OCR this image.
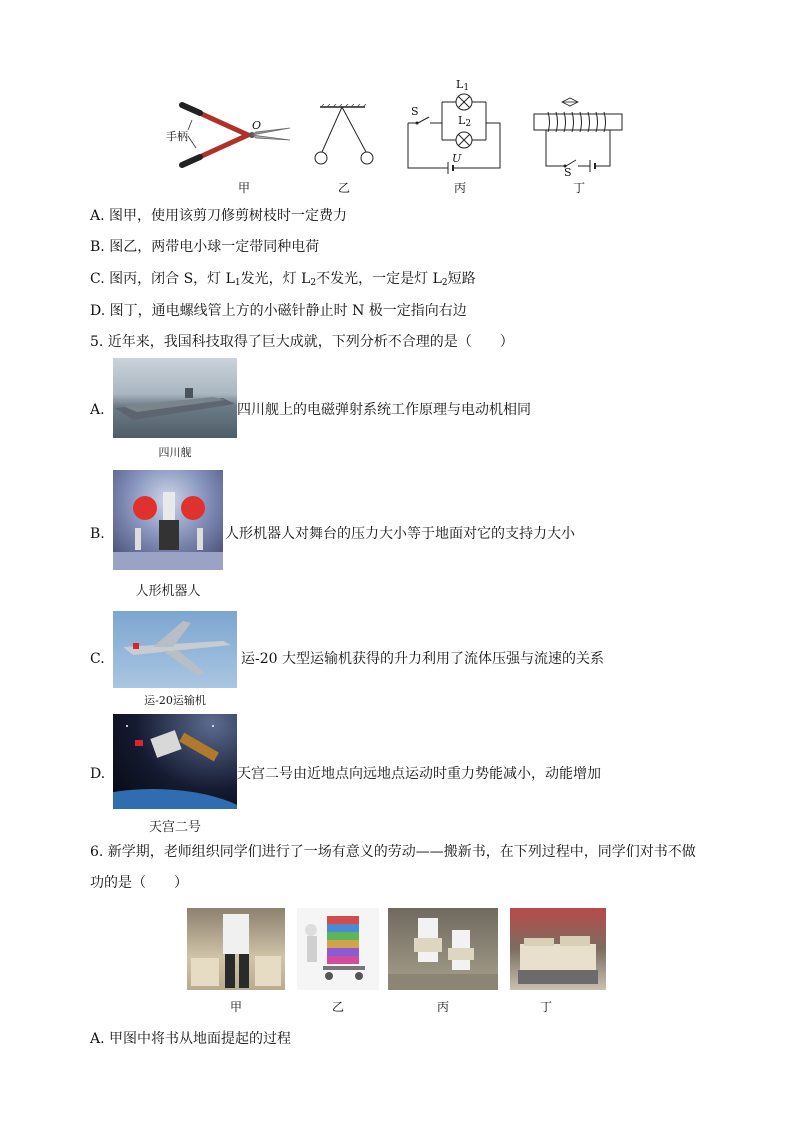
手柄
O
$L_1$
$L_2$
S
U
S
甲	乙	丙	丁
A. 图甲，使用该剪刀修剪树枝时一定费力
B. 图乙，两带电小球一定带同种电荷
C. 图丙，闭合 S，灯 $L_1$发光，灯 $L_2$不发光，一定是灯 $L_2$短路
D. 图丁，通电螺线管上方的小磁针静止时 N 极一定指向右边
5. 近年来，我国科技取得了巨大成就，下列分析不合理的是（　　）
A.	四川舰上的电磁弹射系统工作原理与电动机相同
四川舰
B.	人形机器人对舞台的压力大小等于地面对它的支持力大小
人形机器人
C.	运-20 大型运输机获得的升力利用了流体压强与流速的关系
运-20运输机
D.	天宫二号由近地点向远地点运动时重力势能减小，动能增加
天宫二号
6. 新学期，老师组织同学们进行了一场有意义的劳动——搬新书，在下列过程中，同学们对书不做
功的是（　　）
甲	乙	丙	丁
A. 甲图中将书从地面提起的过程
